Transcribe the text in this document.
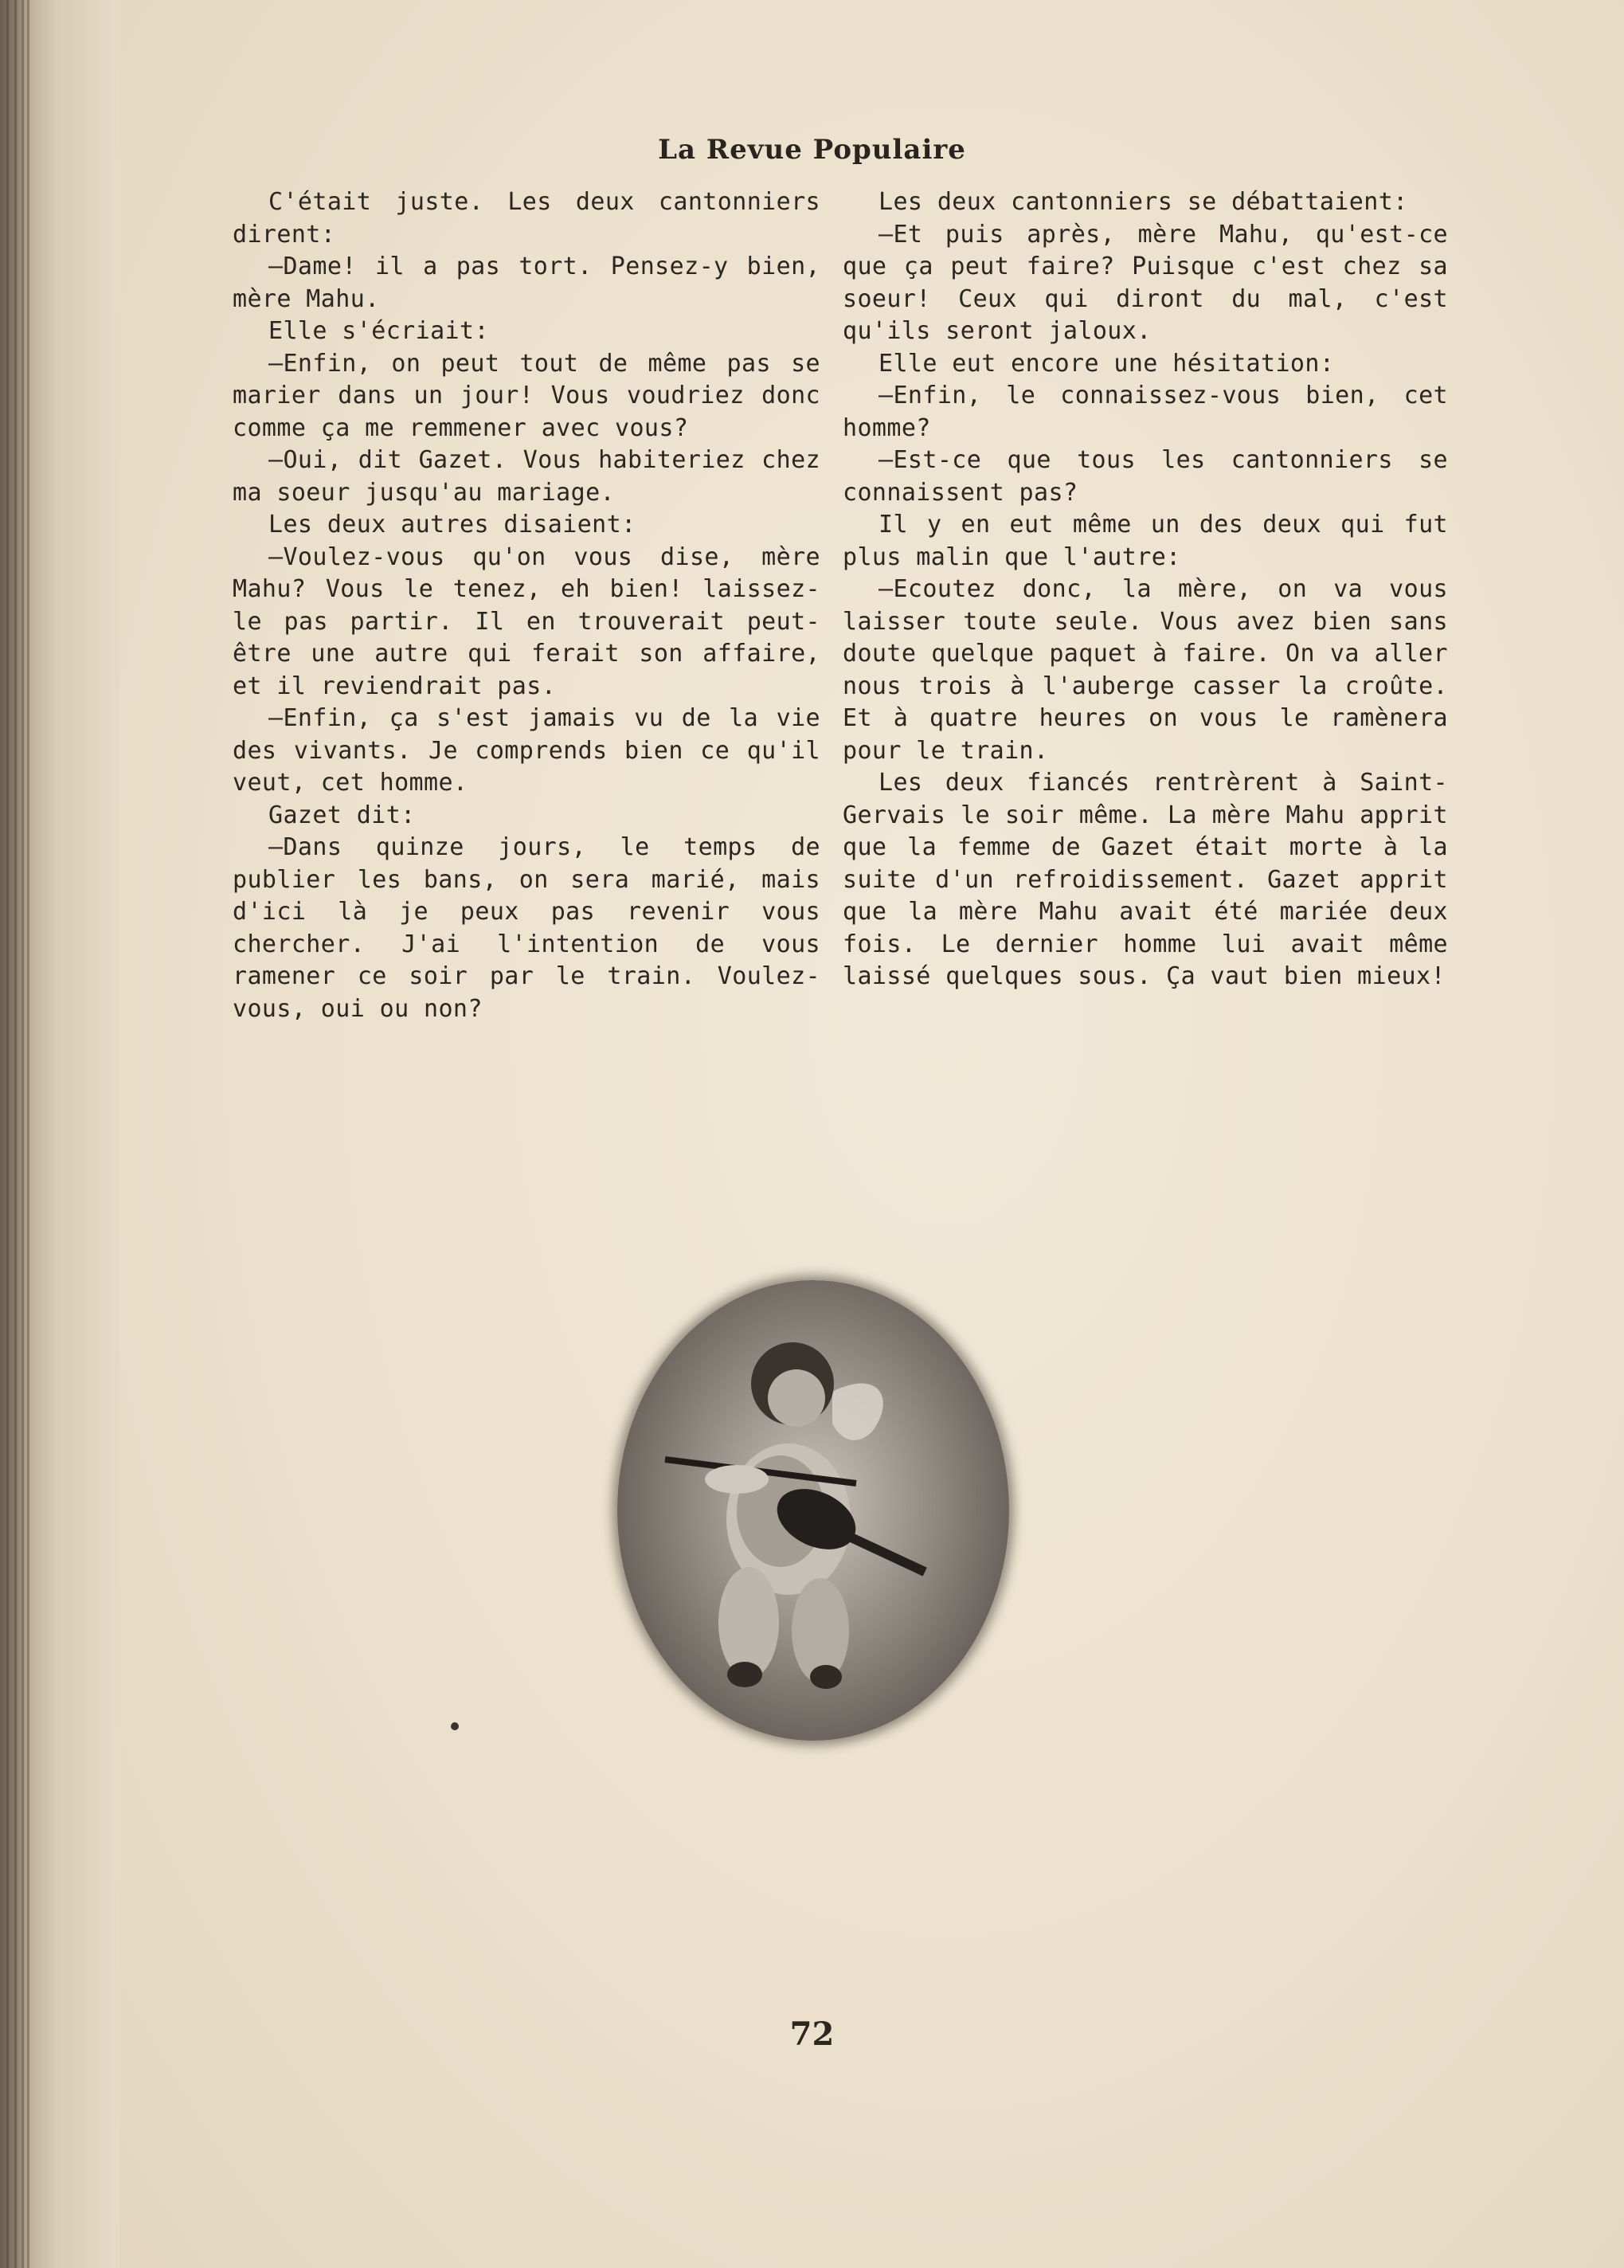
La Revue Populaire

C'était juste. Les deux cantonniers dirent:

—Dame! il a pas tort. Pensez-y bien, mère Mahu.

Elle s'écriait:

—Enfin, on peut tout de même pas se marier dans un jour! Vous voudriez donc comme ça me remmener avec vous?

—Oui, dit Gazet. Vous habiteriez chez ma soeur jusqu'au mariage.

Les deux autres disaient:

—Voulez-vous qu'on vous dise, mère Mahu? Vous le tenez, eh bien! laissez-le pas partir. Il en trouverait peut-être une autre qui ferait son affaire, et il reviendrait pas.

—Enfin, ça s'est jamais vu de la vie des vivants. Je comprends bien ce qu'il veut, cet homme.

Gazet dit:

—Dans quinze jours, le temps de publier les bans, on sera marié, mais d'ici là je peux pas revenir vous chercher. J'ai l'intention de vous ramener ce soir par le train. Voulez-vous, oui ou non?

Les deux cantonniers se débattaient:

—Et puis après, mère Mahu, qu'est-ce que ça peut faire? Puisque c'est chez sa soeur! Ceux qui diront du mal, c'est qu'ils seront jaloux.

Elle eut encore une hésitation:

—Enfin, le connaissez-vous bien, cet homme?

—Est-ce que tous les cantonniers se connaissent pas?

Il y en eut même un des deux qui fut plus malin que l'autre:

—Ecoutez donc, la mère, on va vous laisser toute seule. Vous avez bien sans doute quelque paquet à faire. On va aller nous trois à l'auberge casser la croûte. Et à quatre heures on vous le ramènera pour le train.

Les deux fiancés rentrèrent à Saint-Gervais le soir même. La mère Mahu apprit que la femme de Gazet était morte à la suite d'un refroidissement. Gazet apprit que la mère Mahu avait été mariée deux fois. Le dernier homme lui avait même laissé quelques sous. Ça vaut bien mieux!

72
